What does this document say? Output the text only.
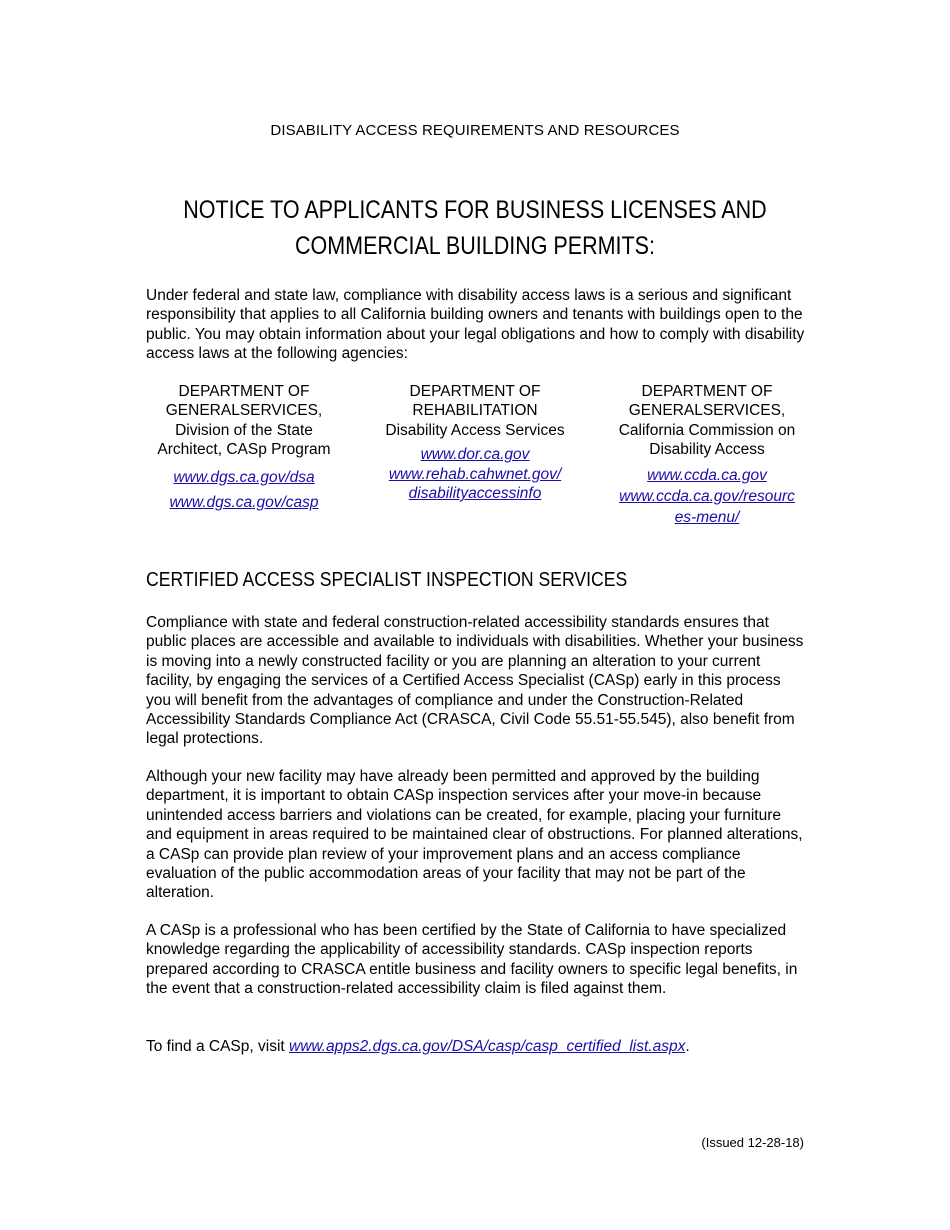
DISABILITY ACCESS REQUIREMENTS AND RESOURCES
NOTICE TO APPLICANTS FOR BUSINESS LICENSES AND
COMMERCIAL BUILDING PERMITS:
Under federal and state law, compliance with disability access laws is a serious and significant responsibility that applies to all California building owners and tenants with buildings open to the public. You may obtain information about your legal obligations and how to comply with disability access laws at the following agencies:
DEPARTMENT OF
GENERALSERVICES,
Division of the State
Architect, CASp Program
www.dgs.ca.gov/dsa
www.dgs.ca.gov/casp
DEPARTMENT OF
REHABILITATION
Disability Access Services
www.dor.ca.gov
www.rehab.cahwnet.gov/
disabilityaccessinfo
DEPARTMENT OF
GENERALSERVICES,
California Commission on
Disability Access
www.ccda.ca.gov
www.ccda.ca.gov/resourc
es-menu/
CERTIFIED ACCESS SPECIALIST INSPECTION SERVICES
Compliance with state and federal construction-related accessibility standards ensures that public places are accessible and available to individuals with disabilities. Whether your business is moving into a newly constructed facility or you are planning an alteration to your current facility, by engaging the services of a Certified Access Specialist (CASp) early in this process you will benefit from the advantages of compliance and under the Construction-Related Accessibility Standards Compliance Act (CRASCA, Civil Code 55.51-55.545), also benefit from legal protections.
Although your new facility may have already been permitted and approved by the building department, it is important to obtain CASp inspection services after your move-in because unintended access barriers and violations can be created, for example, placing your furniture and equipment in areas required to be maintained clear of obstructions. For planned alterations, a CASp can provide plan review of your improvement plans and an access compliance evaluation of the public accommodation areas of your facility that may not be part of the alteration.
A CASp is a professional who has been certified by the State of California to have specialized knowledge regarding the applicability of accessibility standards. CASp inspection reports prepared according to CRASCA entitle business and facility owners to specific legal benefits, in the event that a construction-related accessibility claim is filed against them.
To find a CASp, visit www.apps2.dgs.ca.gov/DSA/casp/casp_certified_list.aspx.
(Issued 12-28-18)
